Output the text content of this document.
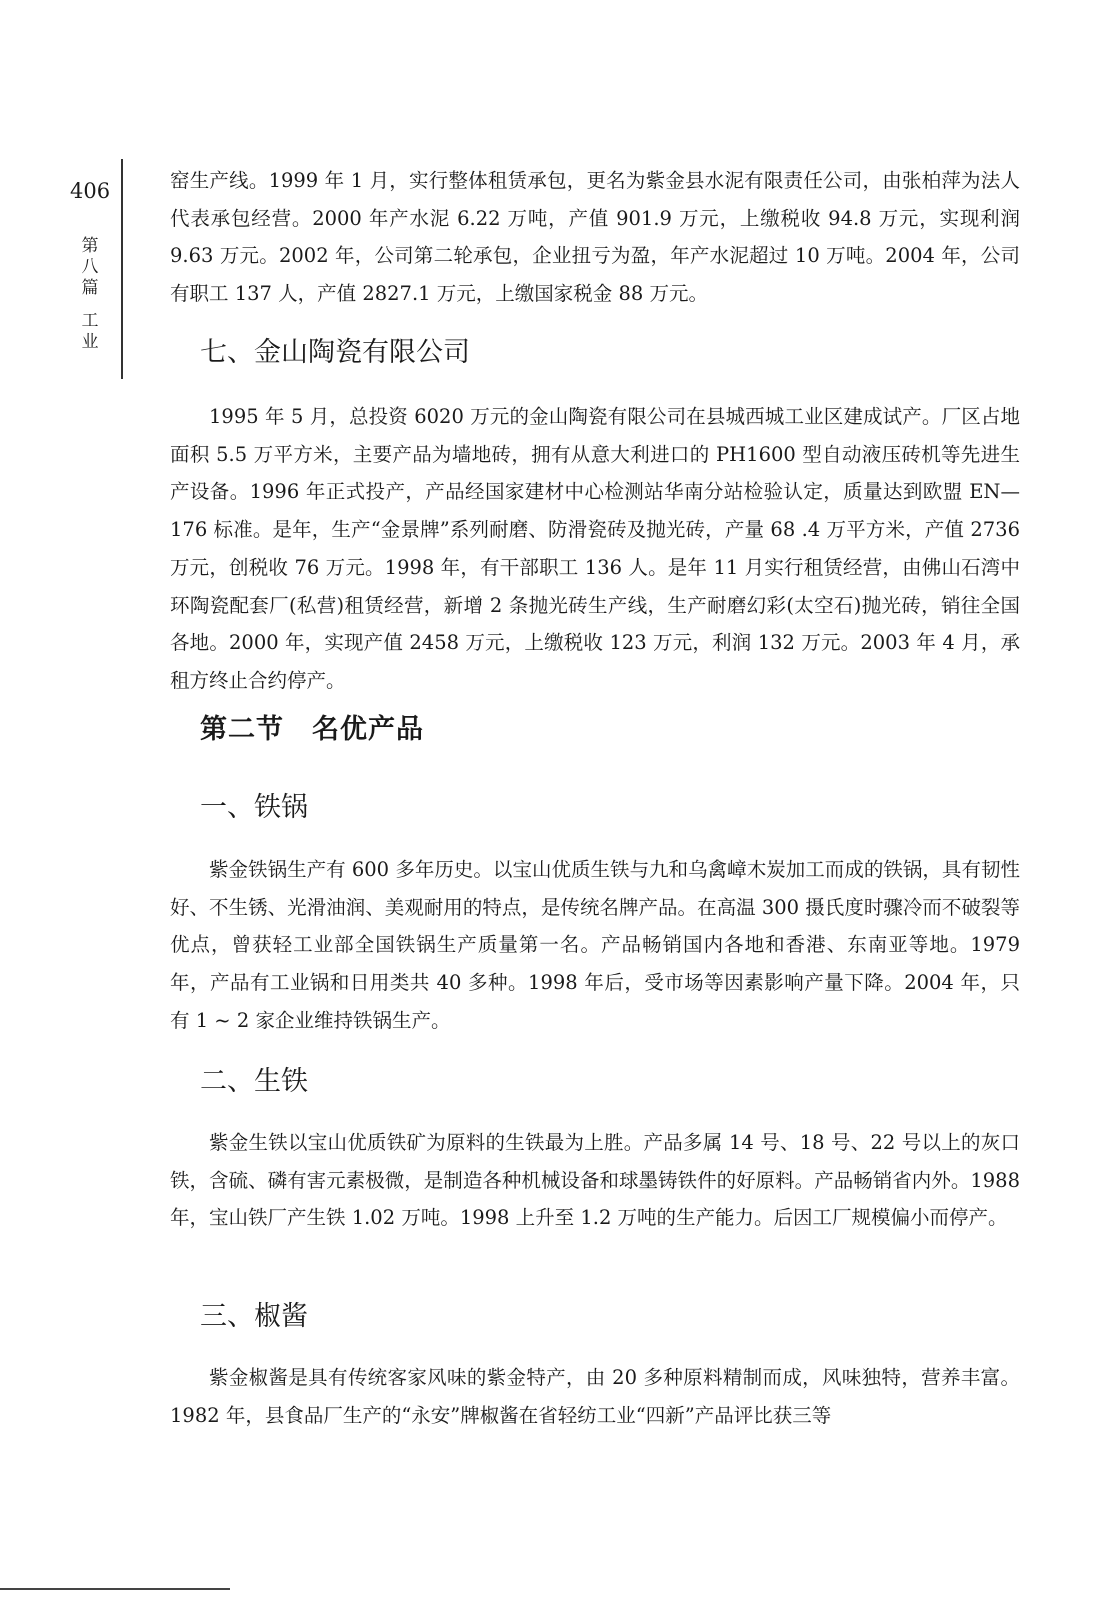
406
第
八
篇
工
业

窑生产线。1999 年 1 月，实行整体租赁承包，更名为紫金县水泥有限责任公司，由张柏萍为法人代表承包经营。2000 年产水泥 6.22 万吨，产值 901.9 万元，上缴税收 94.8 万元，实现利润 9.63 万元。2002 年，公司第二轮承包，企业扭亏为盈，年产水泥超过 10 万吨。2004 年，公司有职工 137 人，产值 2827.1 万元，上缴国家税金 88 万元。

七、金山陶瓷有限公司

1995 年 5 月，总投资 6020 万元的金山陶瓷有限公司在县城西城工业区建成试产。厂区占地面积 5.5 万平方米，主要产品为墙地砖，拥有从意大利进口的 PH1600 型自动液压砖机等先进生产设备。1996 年正式投产，产品经国家建材中心检测站华南分站检验认定，质量达到欧盟 EN—176 标准。是年，生产“金景牌”系列耐磨、防滑瓷砖及抛光砖，产量 68 .4 万平方米，产值 2736 万元，创税收 76 万元。1998 年，有干部职工 136 人。是年 11 月实行租赁经营，由佛山石湾中环陶瓷配套厂(私营)租赁经营，新增 2 条抛光砖生产线，生产耐磨幻彩(太空石)抛光砖，销往全国各地。2000 年，实现产值 2458 万元，上缴税收 123 万元，利润 132 万元。2003 年 4 月，承租方终止合约停产。

第二节 名优产品
一、铁锅

紫金铁锅生产有 600 多年历史。以宝山优质生铁与九和乌禽嶂木炭加工而成的铁锅，具有韧性好、不生锈、光滑油润、美观耐用的特点，是传统名牌产品。在高温 300 摄氏度时骤冷而不破裂等优点，曾获轻工业部全国铁锅生产质量第一名。产品畅销国内各地和香港、东南亚等地。1979 年，产品有工业锅和日用类共 40 多种。1998 年后，受市场等因素影响产量下降。2004 年，只有 1 ~ 2 家企业维持铁锅生产。

二、生铁

紫金生铁以宝山优质铁矿为原料的生铁最为上胜。产品多属 14 号、18 号、22 号以上的灰口铁，含硫、磷有害元素极微，是制造各种机械设备和球墨铸铁件的好原料。产品畅销省内外。1988 年，宝山铁厂产生铁 1.02 万吨。1998 上升至 1.2 万吨的生产能力。后因工厂规模偏小而停产。

三、椒酱

紫金椒酱是具有传统客家风味的紫金特产，由 20 多种原料精制而成，风味独特，营养丰富。1982 年，县食品厂生产的“永安”牌椒酱在省轻纺工业“四新”产品评比获三等
